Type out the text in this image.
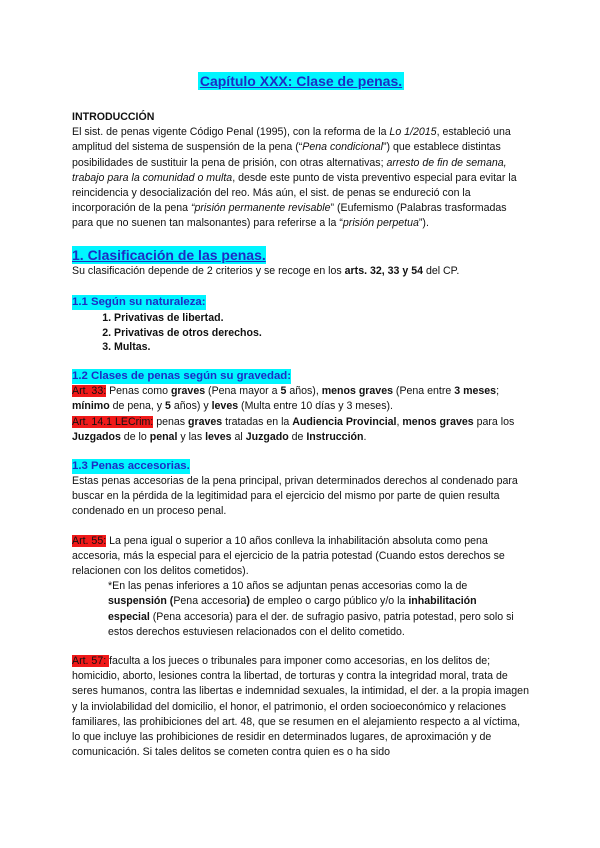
Capítulo XXX: Clase de penas.

INTRODUCCIÓN

El sist. de penas vigente Código Penal (1995), con la reforma de la Lo 1/2015, estableció una amplitud del sistema de suspensión de la pena (“Pena condicional”) que establece distintas posibilidades de sustituir la pena de prisión, con otras alternativas; arresto de fin de semana, trabajo para la comunidad o multa, desde este punto de vista preventivo especial para evitar la reincidencia y desocialización del reo. Más aún, el sist. de penas se endureció con la incorporación de la pena “prisión permanente revisable” (Eufemismo (Palabras trasformadas para que no suenen tan malsonantes) para referirse a la “prisión perpetua”).

1. Clasificación de las penas.

Su clasificación depende de 2 criterios y se recoge en los arts. 32, 33 y 54 del CP.

1.1 Según su naturaleza:
1. Privativas de libertad.
2. Privativas de otros derechos.
3. Multas.
1.2 Clases de penas según su gravedad:

Art. 33: Penas como graves (Pena mayor a 5 años), menos graves (Pena entre 3 meses; mínimo de pena, y 5 años) y leves (Multa entre 10 días y 3 meses).

Art. 14.1 LECrim: penas graves tratadas en la Audiencia Provincial, menos graves para los Juzgados de lo penal y las leves al Juzgado de Instrucción.

1.3 Penas accesorias.

Estas penas accesorias de la pena principal, privan determinados derechos al condenado para buscar en la pérdida de la legitimidad para el ejercicio del mismo por parte de quien resulta condenado en un proceso penal.

Art. 55: La pena igual o superior a 10 años conlleva la inhabilitación absoluta como pena accesoria, más la especial para el ejercicio de la patria potestad (Cuando estos derechos se relacionen con los delitos cometidos).

*En las penas inferiores a 10 años se adjuntan penas accesorias como la de suspensión (Pena accesoria) de empleo o cargo público y/o la inhabilitación especial (Pena accesoria) para el der. de sufragio pasivo, patria potestad, pero solo si estos derechos estuviesen relacionados con el delito cometido.

Art. 57: faculta a los jueces o tribunales para imponer como accesorias, en los delitos de; homicidio, aborto, lesiones contra la libertad, de torturas y contra la integridad moral, trata de seres humanos, contra las libertas e indemnidad sexuales, la intimidad, el der. a la propia imagen y la inviolabilidad del domicilio, el honor, el patrimonio, el orden socioeconómico y relaciones familiares, las prohibiciones del art. 48, que se resumen en el alejamiento respecto a al víctima, lo que incluye las prohibiciones de residir en determinados lugares, de aproximación y de comunicación. Si tales delitos se cometen contra quien es o ha sido
